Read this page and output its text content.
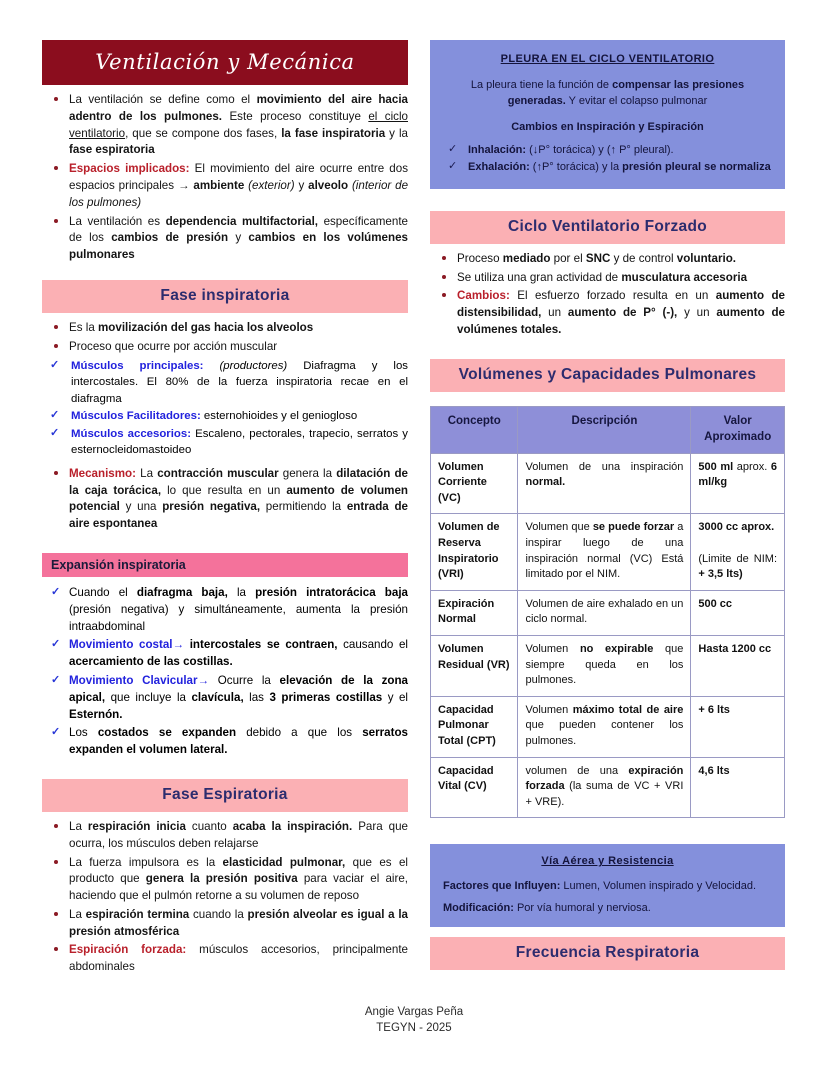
Ventilación y Mecánica
La ventilación se define como el movimiento del aire hacia adentro de los pulmones. Este proceso constituye el ciclo ventilatorio, que se compone dos fases, la fase inspiratoria y la fase espiratoria
Espacios implicados: El movimiento del aire ocurre entre dos espacios principales → ambiente (exterior) y alveolo (interior de los pulmones)
La ventilación es dependencia multifactorial, específicamente de los cambios de presión y cambios en los volúmenes pulmonares
Fase inspiratoria
Es la movilización del gas hacia los alveolos
Proceso que ocurre por acción muscular
✓ Músculos principales: (productores) Diafragma y los intercostales. El 80% de la fuerza inspiratoria recae en el diafragma
✓ Músculos Facilitadores: esternohioides y el geniogloso
✓ Músculos accesorios: Escaleno, pectorales, trapecio, serratos y esternocleidomastoideo
Mecanismo: La contracción muscular genera la dilatación de la caja torácica, lo que resulta en un aumento de volumen potencial y una presión negativa, permitiendo la entrada de aire espontanea
Expansión inspiratoria
✓ Cuando el diafragma baja, la presión intratorácica baja (presión negativa) y simultáneamente, aumenta la presión intraabdominal
✓ Movimiento costal→ intercostales se contraen, causando el acercamiento de las costillas.
✓ Movimiento Clavicular→ Ocurre la elevación de la zona apical, que incluye la clavícula, las 3 primeras costillas y el Esternón.
✓ Los costados se expanden debido a que los serratos expanden el volumen lateral.
Fase Espiratoria
La respiración inicia cuanto acaba la inspiración. Para que ocurra, los músculos deben relajarse
La fuerza impulsora es la elasticidad pulmonar, que es el producto que genera la presión positiva para vaciar el aire, haciendo que el pulmón retorne a su volumen de reposo
La espiración termina cuando la presión alveolar es igual a la presión atmosférica
Espiración forzada: músculos accesorios, principalmente abdominales
PLEURA EN EL CICLO VENTILATORIO
La pleura tiene la función de compensar las presiones generadas. Y evitar el colapso pulmonar
Cambios en Inspiración y Espiración
✓ Inhalación: (↓P° torácica) y (↑ P° pleural).
✓ Exhalación: (↑P° torácica) y la presión pleural se normaliza
Ciclo Ventilatorio Forzado
Proceso mediado por el SNC y de control voluntario.
Se utiliza una gran actividad de musculatura accesoria
Cambios: El esfuerzo forzado resulta en un aumento de distensibilidad, un aumento de P° (-), y un aumento de volúmenes totales.
Volúmenes y Capacidades Pulmonares
Concepto	Descripción	Valor Aproximado
Volumen Corriente (VC)	Volumen de una inspiración normal.	500 ml aprox. 6 ml/kg
Volumen de Reserva Inspiratorio (VRI)	Volumen que se puede forzar a inspirar luego de una inspiración normal (VC) Está limitado por el NIM.	3000 cc aprox.

(Limite de NIM: + 3,5 lts)
Expiración Normal	Volumen de aire exhalado en un ciclo normal.	500 cc
Volumen Residual (VR)	Volumen no expirable que siempre queda en los pulmones.	Hasta 1200 cc
Capacidad Pulmonar Total (CPT)	Volumen máximo total de aire que pueden contener los pulmones.	+ 6 lts
Capacidad Vital (CV)	volumen de una expiración forzada (la suma de VC + VRI + VRE).	4,6 lts
Vía Aérea y Resistencia
Factores que Influyen: Lumen, Volumen inspirado y Velocidad.
Modificación: Por vía humoral y nerviosa.
Frecuencia Respiratoria
Angie Vargas Peña
TEGYN - 2025
